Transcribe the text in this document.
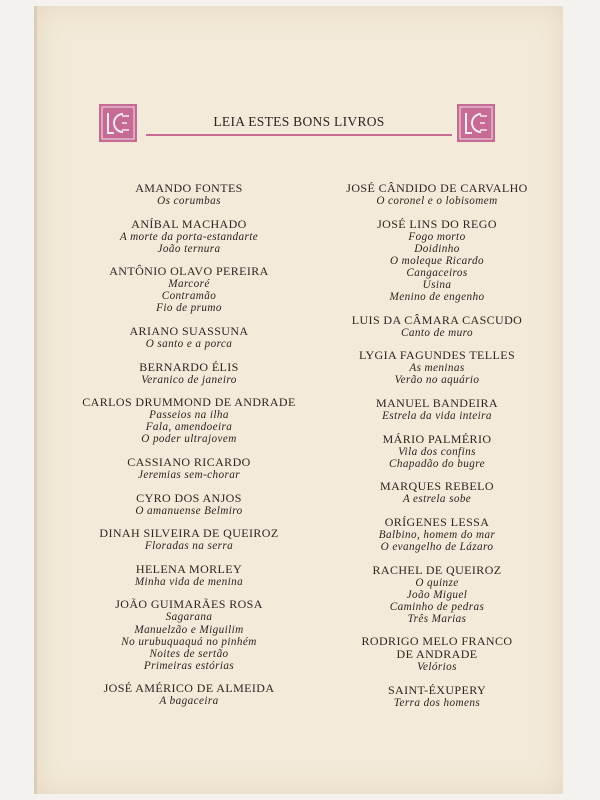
LEIA ESTES BONS LIVROS
AMANDO FONTES
Os corumbas
ANÍBAL MACHADO
A morte da porta-estandarte
João ternura
ANTÔNIO OLAVO PEREIRA
Marcoré
Contramão
Fio de prumo
ARIANO SUASSUNA
O santo e a porca
BERNARDO ÉLIS
Veranico de janeiro
CARLOS DRUMMOND DE ANDRADE
Passeios na ilha
Fala, amendoeira
O poder ultrajovem
CASSIANO RICARDO
Jeremias sem-chorar
CYRO DOS ANJOS
O amanuense Belmiro
DINAH SILVEIRA DE QUEIROZ
Floradas na serra
HELENA MORLEY
Minha vida de menina
JOÃO GUIMARÃES ROSA
Sagarana
Manuelzão e Miguilim
No urubuquaquá no pinhém
Noites de sertão
Primeiras estórias
JOSÉ AMÉRICO DE ALMEIDA
A bagaceira
JOSÉ CÂNDIDO DE CARVALHO
O coronel e o lobisomem
JOSÉ LINS DO REGO
Fogo morto
Doidinho
O moleque Ricardo
Cangaceiros
Usina
Menino de engenho
LUIS DA CÂMARA CASCUDO
Canto de muro
LYGIA FAGUNDES TELLES
As meninas
Verão no aquário
MANUEL BANDEIRA
Estrela da vida inteira
MÁRIO PALMÉRIO
Vila dos confins
Chapadão do bugre
MARQUES REBELO
A estrela sobe
ORÍGENES LESSA
Balbino, homem do mar
O evangelho de Lázaro
RACHEL DE QUEIROZ
O quinze
João Miguel
Caminho de pedras
Três Marias
RODRIGO MELO FRANCO
DE ANDRADE
Velórios
SAINT-ÉXUPERY
Terra dos homens
